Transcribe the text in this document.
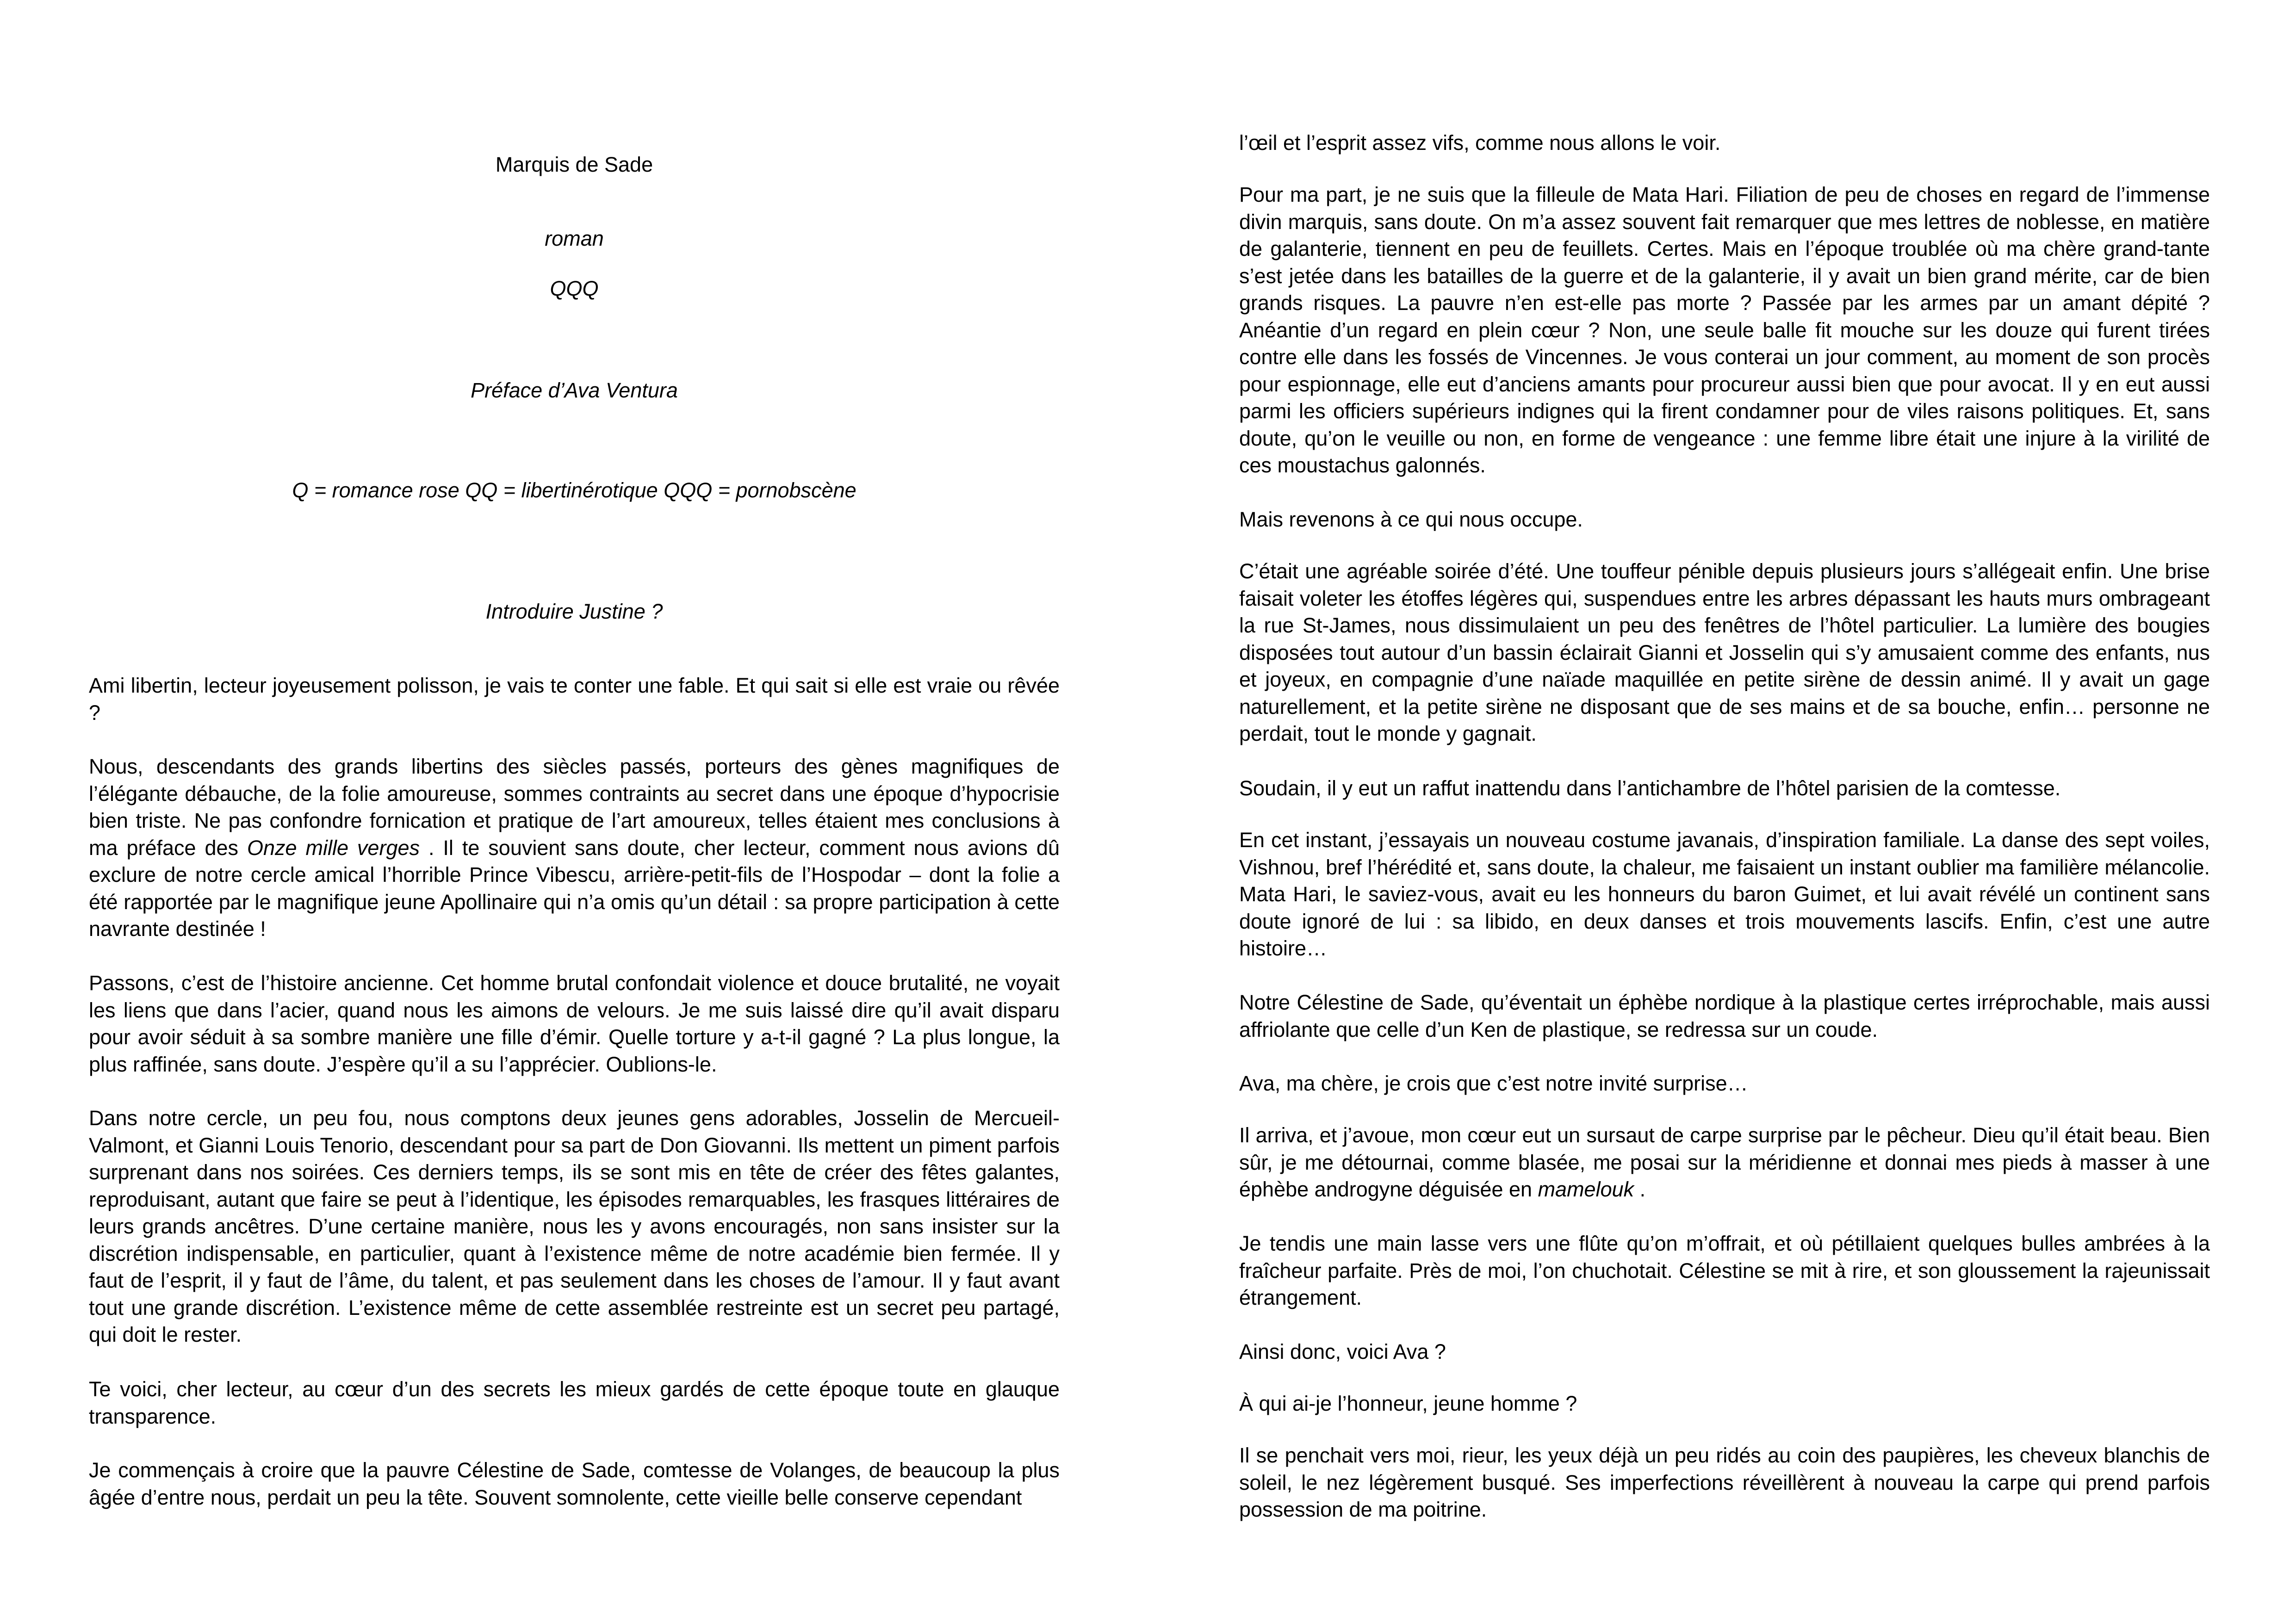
Marquis de Sade

roman

QQQ

Préface d’Ava Ventura

Q = romance rose QQ = libertinérotique QQQ = pornobscène

Introduire Justine ?

Ami libertin, lecteur joyeusement polisson, je vais te conter une fable. Et qui sait si elle est vraie ou rêvée ?

Nous, descendants des grands libertins des siècles passés, porteurs des gènes magnifiques de l’élégante débauche, de la folie amoureuse, sommes contraints au secret dans une époque d’hypocrisie bien triste. Ne pas confondre fornication et pratique de l’art amoureux, telles étaient mes conclusions à ma préface des Onze mille verges . Il te souvient sans doute, cher lecteur, comment nous avions dû exclure de notre cercle amical l’horrible Prince Vibescu, arrière-petit-fils de l’Hospodar – dont la folie a été rapportée par le magnifique jeune Apollinaire qui n’a omis qu’un détail : sa propre participation à cette navrante destinée !

Passons, c’est de l’histoire ancienne. Cet homme brutal confondait violence et douce brutalité, ne voyait les liens que dans l’acier, quand nous les aimons de velours. Je me suis laissé dire qu’il avait disparu pour avoir séduit à sa sombre manière une fille d’émir. Quelle torture y a-t-il gagné ? La plus longue, la plus raffinée, sans doute. J’espère qu’il a su l’apprécier. Oublions-le.

Dans notre cercle, un peu fou, nous comptons deux jeunes gens adorables, Josselin de Mercueil-Valmont, et Gianni Louis Tenorio, descendant pour sa part de Don Giovanni. Ils mettent un piment parfois surprenant dans nos soirées. Ces derniers temps, ils se sont mis en tête de créer des fêtes galantes, reproduisant, autant que faire se peut à l’identique, les épisodes remarquables, les frasques littéraires de leurs grands ancêtres. D’une certaine manière, nous les y avons encouragés, non sans insister sur la discrétion indispensable, en particulier, quant à l’existence même de notre académie bien fermée. Il y faut de l’esprit, il y faut de l’âme, du talent, et pas seulement dans les choses de l’amour. Il y faut avant tout une grande discrétion. L’existence même de cette assemblée restreinte est un secret peu partagé, qui doit le rester.

Te voici, cher lecteur, au cœur d’un des secrets les mieux gardés de cette époque toute en glauque transparence.

Je commençais à croire que la pauvre Célestine de Sade, comtesse de Volanges, de beaucoup la plus âgée d’entre nous, perdait un peu la tête. Souvent somnolente, cette vieille belle conserve cependant

l’œil et l’esprit assez vifs, comme nous allons le voir.

Pour ma part, je ne suis que la filleule de Mata Hari. Filiation de peu de choses en regard de l’immense divin marquis, sans doute. On m’a assez souvent fait remarquer que mes lettres de noblesse, en matière de galanterie, tiennent en peu de feuillets. Certes. Mais en l’époque troublée où ma chère grand-tante s’est jetée dans les batailles de la guerre et de la galanterie, il y avait un bien grand mérite, car de bien grands risques. La pauvre n’en est-elle pas morte ? Passée par les armes par un amant dépité ? Anéantie d’un regard en plein cœur ? Non, une seule balle fit mouche sur les douze qui furent tirées contre elle dans les fossés de Vincennes. Je vous conterai un jour comment, au moment de son procès pour espionnage, elle eut d’anciens amants pour procureur aussi bien que pour avocat. Il y en eut aussi parmi les officiers supérieurs indignes qui la firent condamner pour de viles raisons politiques. Et, sans doute, qu’on le veuille ou non, en forme de vengeance : une femme libre était une injure à la virilité de ces moustachus galonnés.

Mais revenons à ce qui nous occupe.

C’était une agréable soirée d’été. Une touffeur pénible depuis plusieurs jours s’allégeait enfin. Une brise faisait voleter les étoffes légères qui, suspendues entre les arbres dépassant les hauts murs ombrageant la rue St-James, nous dissimulaient un peu des fenêtres de l’hôtel particulier. La lumière des bougies disposées tout autour d’un bassin éclairait Gianni et Josselin qui s’y amusaient comme des enfants, nus et joyeux, en compagnie d’une naïade maquillée en petite sirène de dessin animé. Il y avait un gage naturellement, et la petite sirène ne disposant que de ses mains et de sa bouche, enfin… personne ne perdait, tout le monde y gagnait.

Soudain, il y eut un raffut inattendu dans l’antichambre de l’hôtel parisien de la comtesse.

En cet instant, j’essayais un nouveau costume javanais, d’inspiration familiale. La danse des sept voiles, Vishnou, bref l’hérédité et, sans doute, la chaleur, me faisaient un instant oublier ma familière mélancolie. Mata Hari, le saviez-vous, avait eu les honneurs du baron Guimet, et lui avait révélé un continent sans doute ignoré de lui : sa libido, en deux danses et trois mouvements lascifs. Enfin, c’est une autre histoire…

Notre Célestine de Sade, qu’éventait un éphèbe nordique à la plastique certes irréprochable, mais aussi affriolante que celle d’un Ken de plastique, se redressa sur un coude.

Ava, ma chère, je crois que c’est notre invité surprise…

Il arriva, et j’avoue, mon cœur eut un sursaut de carpe surprise par le pêcheur. Dieu qu’il était beau. Bien sûr, je me détournai, comme blasée, me posai sur la méridienne et donnai mes pieds à masser à une éphèbe androgyne déguisée en mamelouk .

Je tendis une main lasse vers une flûte qu’on m’offrait, et où pétillaient quelques bulles ambrées à la fraîcheur parfaite. Près de moi, l’on chuchotait. Célestine se mit à rire, et son gloussement la rajeunissait étrangement.

Ainsi donc, voici Ava ?

À qui ai-je l’honneur, jeune homme ?

Il se penchait vers moi, rieur, les yeux déjà un peu ridés au coin des paupières, les cheveux blanchis de soleil, le nez légèrement busqué. Ses imperfections réveillèrent à nouveau la carpe qui prend parfois possession de ma poitrine.
